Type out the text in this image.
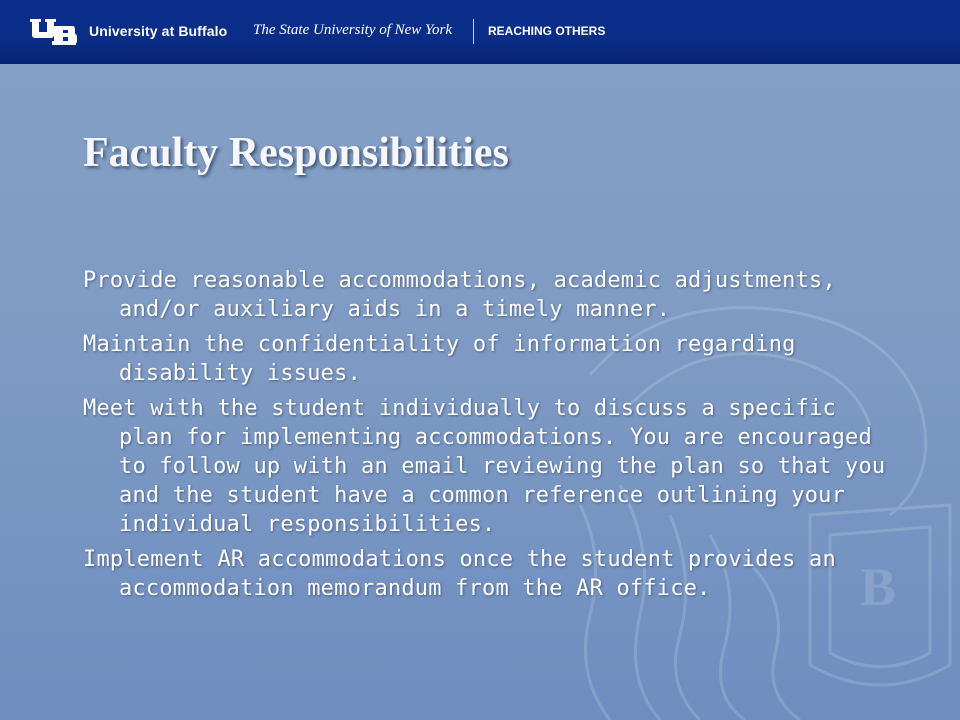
University at Buffalo The State University of New York	REACHING OTHERS
B
Faculty Responsibilities
Provide reasonable accommodations, academic adjustments, and/or auxiliary aids in a timely manner.
Maintain the confidentiality of information regarding disability issues.
Meet with the student individually to discuss a specific plan for implementing accommodations. You are encouraged to follow up with an email reviewing the plan so that you and the student have a common reference outlining your individual responsibilities.
Implement AR accommodations once the student provides an accommodation memorandum from the AR office.
